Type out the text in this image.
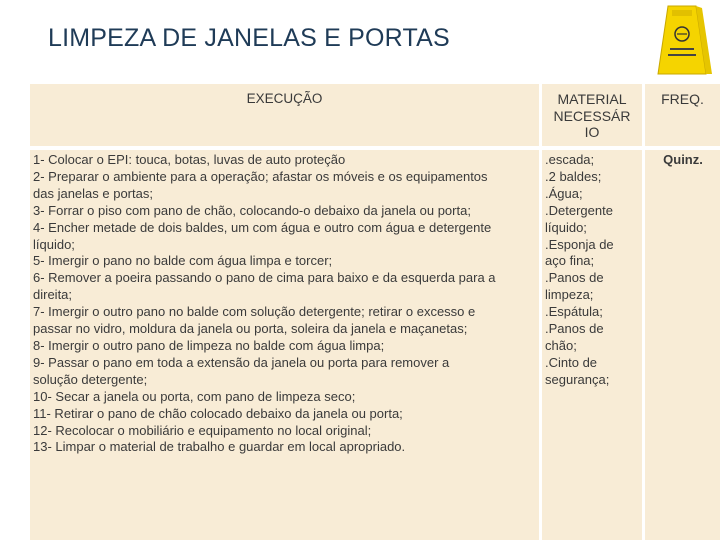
LIMPEZA DE JANELAS E PORTAS
EXECUÇÃO	MATERIAL
NECESSÁR
IO
FREQ.
1- Colocar o EPI: touca, botas, luvas de auto proteção
2- Preparar o ambiente para a operação; afastar os móveis e os equipamentos
das janelas e portas;
3- Forrar o piso com pano de chão, colocando-o debaixo da janela ou porta;
4- Encher metade de dois baldes, um com água e outro com água e detergente
líquido;
5- Imergir o pano no balde com água limpa e torcer;
6- Remover a poeira passando o pano de cima para baixo e da esquerda para a
direita;
7- Imergir o outro pano no balde com solução detergente; retirar o excesso e
passar no vidro, moldura da janela ou porta, soleira da janela e maçanetas;
8- Imergir o outro pano de limpeza no balde com água limpa;
9- Passar o pano em toda a extensão da janela ou porta para remover a
solução detergente;
10- Secar a janela ou porta, com pano de limpeza seco;
11- Retirar o pano de chão colocado debaixo da janela ou porta;
12- Recolocar o mobiliário e equipamento no local original;
13- Limpar o material de trabalho e guardar em local apropriado.
.escada;
.2 baldes;
.Água;
.Detergente
líquido;
.Esponja de
aço fina;
.Panos de
limpeza;
.Espátula;
.Panos de
chão;
.Cinto de
segurança;
Quinz.
